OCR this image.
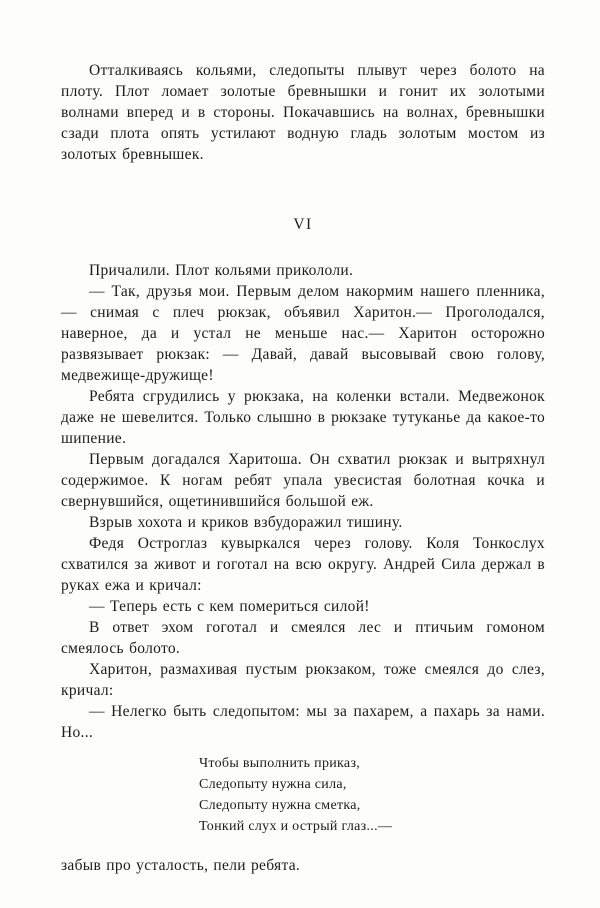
Отталкиваясь кольями, следопыты плывут через болото на плоту. Плот ломает золотые бревнышки и гонит их золотыми волнами вперед и в стороны. Покачавшись на волнах, бревнышки сзади плота опять устилают водную гладь золотым мостом из золотых бревнышек.

VI

Причалили. Плот кольями прикололи.

— Так, друзья мои. Первым делом накормим нашего пленника,— снимая с плеч рюкзак, объявил Харитон.— Проголодался, наверное, да и устал не меньше нас.— Харитон осторожно развязывает рюкзак: — Давай, давай высовывай свою голову, медвежище-дружище!

Ребята сгрудились у рюкзака, на коленки встали. Медвежонок даже не шевелится. Только слышно в рюкзаке тутуканье да какое-то шипение.

Первым догадался Харитоша. Он схватил рюкзак и вытряхнул содержимое. К ногам ребят упала увесистая болотная кочка и свернувшийся, ощетинившийся большой еж.

Взрыв хохота и криков взбудоражил тишину.

Федя Остроглаз кувыркался через голову. Коля Тонкослух схватился за живот и гоготал на всю округу. Андрей Сила держал в руках ежа и кричал:

— Теперь есть с кем помериться силой!

В ответ эхом гоготал и смеялся лес и птичьим гомоном смеялось болото.

Харитон, размахивая пустым рюкзаком, тоже смеялся до слез, кричал:

— Нелегко быть следопытом: мы за пахарем, а пахарь за нами. Но...

Чтобы выполнить приказ,
Следопыту нужна сила,
Следопыту нужна сметка,
Тонкий слух и острый глаз...—

забыв про усталость, пели ребята.
